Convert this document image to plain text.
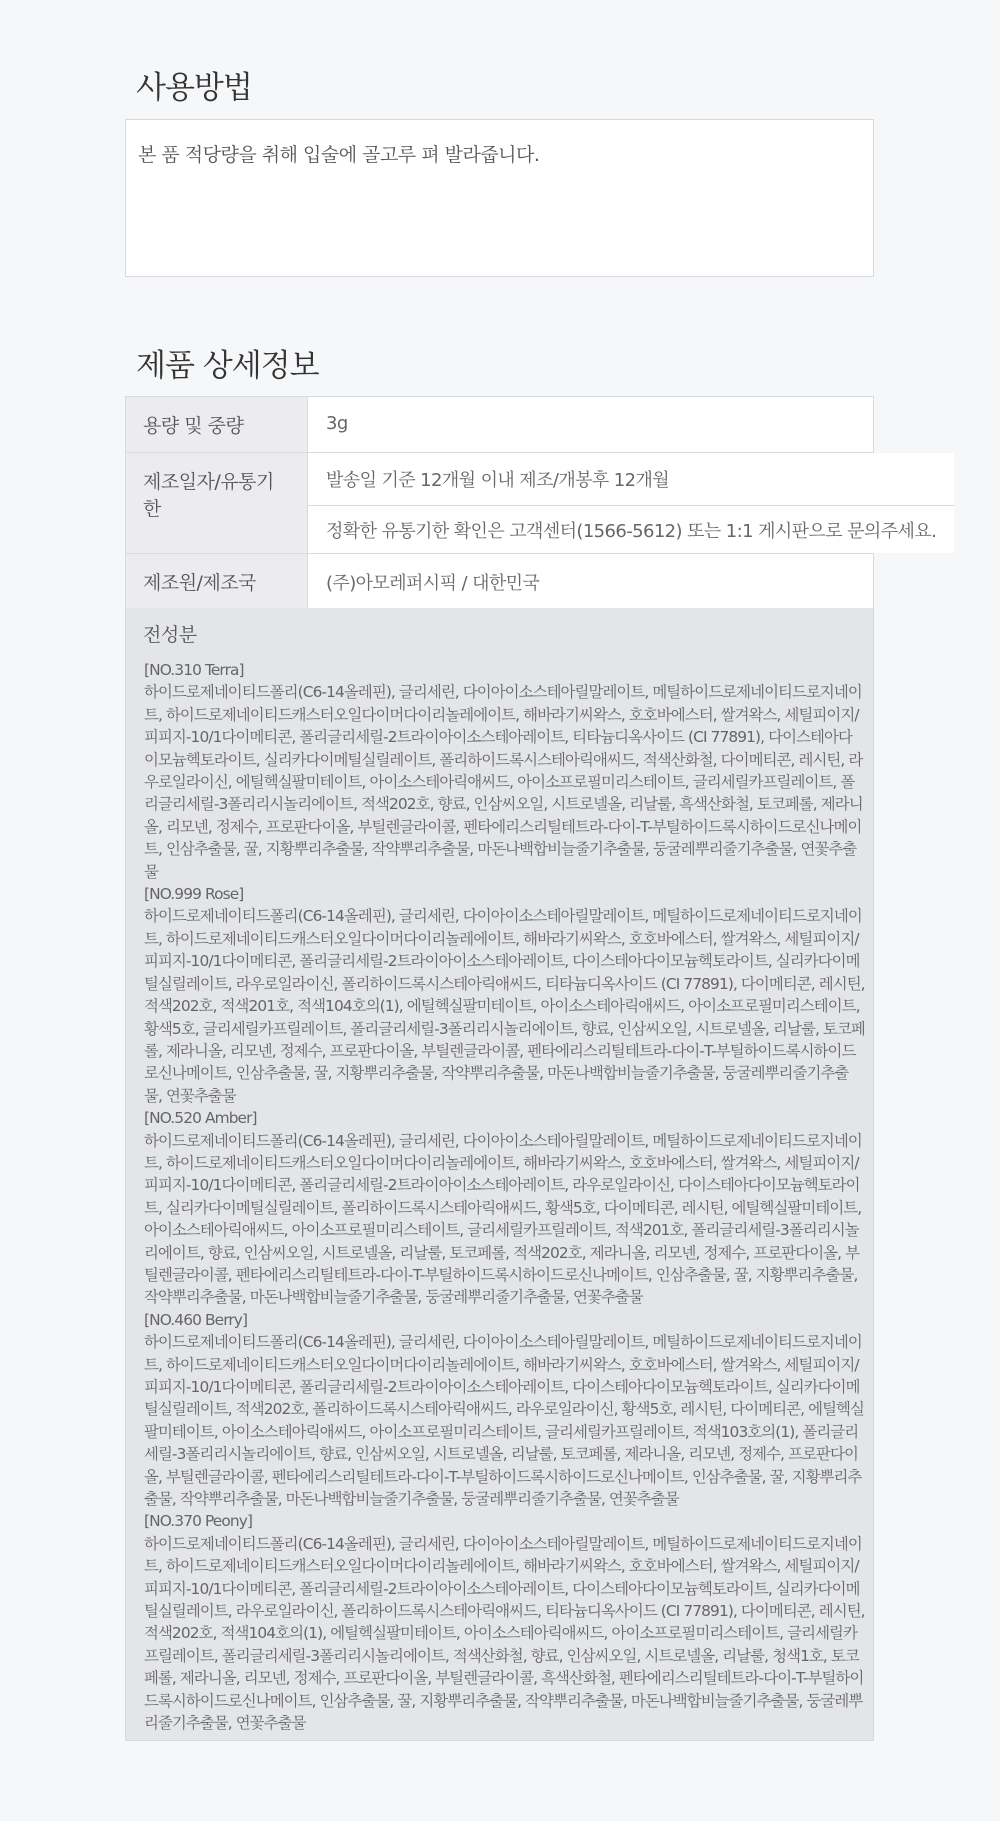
사용방법
본 품 적당량을 취해 입술에 골고루 펴 발라줍니다.
제품 상세정보
용량 및 중량	3g
제조일자/유통기한
발송일 기준 12개월 이내 제조/개봉후 12개월
정확한 유통기한 확인은 고객센터(1566-5612) 또는 1:1 게시판으로 문의주세요.
제조원/제조국	(주)아모레퍼시픽 / 대한민국
전성분
[NO.310 Terra]
하이드로제네이티드폴리(C6-14올레핀), 글리세린, 다이아이소스테아릴말레이트, 메틸하이드로제네이티드로지네이트, 하이드로제네이티드캐스터오일다이머다이리놀레에이트, 해바라기씨왁스, 호호바에스터, 쌀겨왁스, 세틸피이지/피피지-10/1다이메티콘, 폴리글리세릴-2트라이아이소스테아레이트, 티타늄디옥사이드 (CI 77891), 다이스테아다이모늄헥토라이트, 실리카다이메틸실릴레이트, 폴리하이드록시스테아릭애씨드, 적색산화철, 다이메티콘, 레시틴, 라우로일라이신, 에틸헥실팔미테이트, 아이소스테아릭애씨드, 아이소프로필미리스테이트, 글리세릴카프릴레이트, 폴리글리세릴-3폴리리시놀리에이트, 적색202호, 향료, 인삼씨오일, 시트로넬올, 리날룰, 흑색산화철, 토코페롤, 제라니올, 리모넨, 정제수, 프로판다이올, 부틸렌글라이콜, 펜타에리스리틸테트라-다이-T-부틸하이드록시하이드로신나메이트, 인삼추출물, 꿀, 지황뿌리추출물, 작약뿌리추출물, 마돈나백합비늘줄기추출물, 둥굴레뿌리줄기추출물, 연꽃추출물
[NO.999 Rose]
하이드로제네이티드폴리(C6-14올레핀), 글리세린, 다이아이소스테아릴말레이트, 메틸하이드로제네이티드로지네이트, 하이드로제네이티드캐스터오일다이머다이리놀레에이트, 해바라기씨왁스, 호호바에스터, 쌀겨왁스, 세틸피이지/피피지-10/1다이메티콘, 폴리글리세릴-2트라이아이소스테아레이트, 다이스테아다이모늄헥토라이트, 실리카다이메틸실릴레이트, 라우로일라이신, 폴리하이드록시스테아릭애씨드, 티타늄디옥사이드 (CI 77891), 다이메티콘, 레시틴, 적색202호, 적색201호, 적색104호의(1), 에틸헥실팔미테이트, 아이소스테아릭애씨드, 아이소프로필미리스테이트, 황색5호, 글리세릴카프릴레이트, 폴리글리세릴-3폴리리시놀리에이트, 향료, 인삼씨오일, 시트로넬올, 리날룰, 토코페롤, 제라니올, 리모넨, 정제수, 프로판다이올, 부틸렌글라이콜, 펜타에리스리틸테트라-다이-T-부틸하이드록시하이드로신나메이트, 인삼추출물, 꿀, 지황뿌리추출물, 작약뿌리추출물, 마돈나백합비늘줄기추출물, 둥굴레뿌리줄기추출물, 연꽃추출물
[NO.520 Amber]
하이드로제네이티드폴리(C6-14올레핀), 글리세린, 다이아이소스테아릴말레이트, 메틸하이드로제네이티드로지네이트, 하이드로제네이티드캐스터오일다이머다이리놀레에이트, 해바라기씨왁스, 호호바에스터, 쌀겨왁스, 세틸피이지/피피지-10/1다이메티콘, 폴리글리세릴-2트라이아이소스테아레이트, 라우로일라이신, 다이스테아다이모늄헥토라이트, 실리카다이메틸실릴레이트, 폴리하이드록시스테아릭애씨드, 황색5호, 다이메티콘, 레시틴, 에틸헥실팔미테이트, 아이소스테아릭애씨드, 아이소프로필미리스테이트, 글리세릴카프릴레이트, 적색201호, 폴리글리세릴-3폴리리시놀리에이트, 향료, 인삼씨오일, 시트로넬올, 리날룰, 토코페롤, 적색202호, 제라니올, 리모넨, 정제수, 프로판다이올, 부틸렌글라이콜, 펜타에리스리틸테트라-다이-T-부틸하이드록시하이드로신나메이트, 인삼추출물, 꿀, 지황뿌리추출물, 작약뿌리추출물, 마돈나백합비늘줄기추출물, 둥굴레뿌리줄기추출물, 연꽃추출물
[NO.460 Berry]
하이드로제네이티드폴리(C6-14올레핀), 글리세린, 다이아이소스테아릴말레이트, 메틸하이드로제네이티드로지네이트, 하이드로제네이티드캐스터오일다이머다이리놀레에이트, 해바라기씨왁스, 호호바에스터, 쌀겨왁스, 세틸피이지/피피지-10/1다이메티콘, 폴리글리세릴-2트라이아이소스테아레이트, 다이스테아다이모늄헥토라이트, 실리카다이메틸실릴레이트, 적색202호, 폴리하이드록시스테아릭애씨드, 라우로일라이신, 황색5호, 레시틴, 다이메티콘, 에틸헥실팔미테이트, 아이소스테아릭애씨드, 아이소프로필미리스테이트, 글리세릴카프릴레이트, 적색103호의(1), 폴리글리세릴-3폴리리시놀리에이트, 향료, 인삼씨오일, 시트로넬올, 리날룰, 토코페롤, 제라니올, 리모넨, 정제수, 프로판다이올, 부틸렌글라이콜, 펜타에리스리틸테트라-다이-T-부틸하이드록시하이드로신나메이트, 인삼추출물, 꿀, 지황뿌리추출물, 작약뿌리추출물, 마돈나백합비늘줄기추출물, 둥굴레뿌리줄기추출물, 연꽃추출물
[NO.370 Peony]
하이드로제네이티드폴리(C6-14올레핀), 글리세린, 다이아이소스테아릴말레이트, 메틸하이드로제네이티드로지네이트, 하이드로제네이티드캐스터오일다이머다이리놀레에이트, 해바라기씨왁스, 호호바에스터, 쌀겨왁스, 세틸피이지/피피지-10/1다이메티콘, 폴리글리세릴-2트라이아이소스테아레이트, 다이스테아다이모늄헥토라이트, 실리카다이메틸실릴레이트, 라우로일라이신, 폴리하이드록시스테아릭애씨드, 티타늄디옥사이드 (CI 77891), 다이메티콘, 레시틴, 적색202호, 적색104호의(1), 에틸헥실팔미테이트, 아이소스테아릭애씨드, 아이소프로필미리스테이트, 글리세릴카프릴레이트, 폴리글리세릴-3폴리리시놀리에이트, 적색산화철, 향료, 인삼씨오일, 시트로넬올, 리날룰, 청색1호, 토코페롤, 제라니올, 리모넨, 정제수, 프로판다이올, 부틸렌글라이콜, 흑색산화철, 펜타에리스리틸테트라-다이-T-부틸하이드록시하이드로신나메이트, 인삼추출물, 꿀, 지황뿌리추출물, 작약뿌리추출물, 마돈나백합비늘줄기추출물, 둥굴레뿌리줄기추출물, 연꽃추출물
